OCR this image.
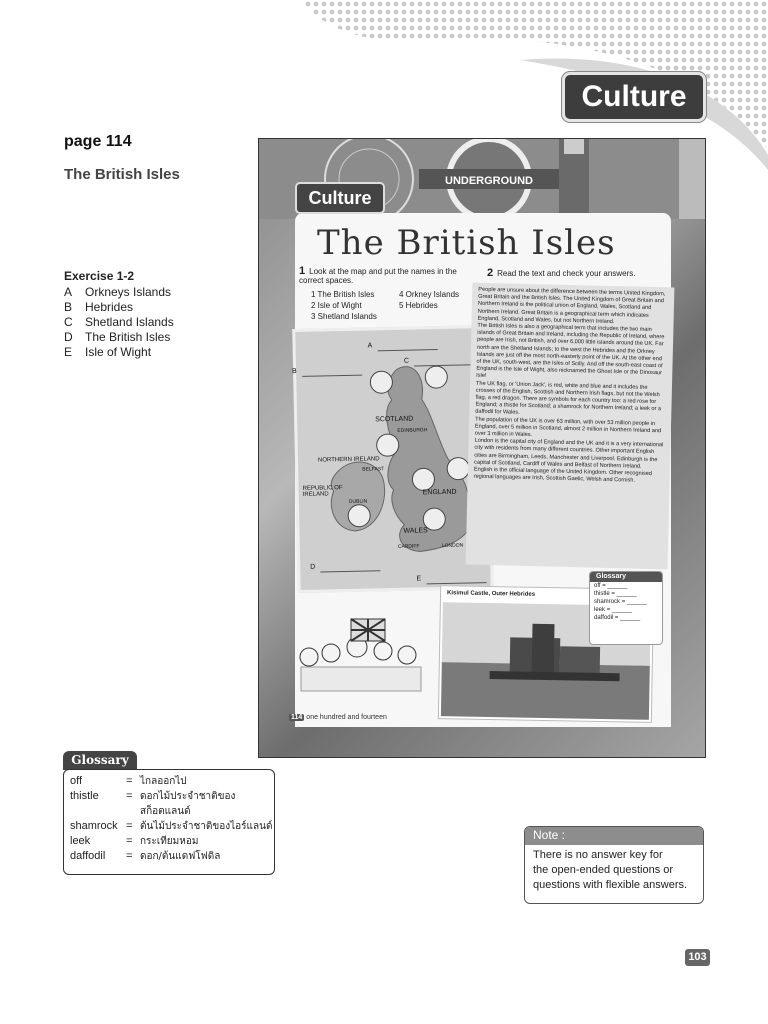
Culture
page 114
The British Isles
Exercise 1-2
A	Orkneys Islands
B	Hebrides
C	Shetland Islands
D	The British Isles
E	Isle of Wight
UNDERGROUND
Culture
The British Isles
1 Look at the map and put the names in the correct spaces.
1 The British Isles	4 Orkney Islands
2 Isle of Wight	5 Hebrides
3 Shetland Islands
2 Read the text and check your answers.
A
B
C
D
E
SCOTLAND
EDINBURGH
NORTHERN IRELAND
BELFAST
REPUBLIC OF IRELAND
DUBLIN
ENGLAND
WALES
CARDIFF	LONDON

People are unsure about the difference between the terms United Kingdom, Great Britain and the British Isles. The United Kingdom of Great Britain and Northern Ireland is the political union of England, Wales, Scotland and Northern Ireland. Great Britain is a geographical term which indicates England, Scotland and Wales, but not Northern Ireland.

The British Isles is also a geographical term that includes the two main islands of Great Britain and Ireland, including the Republic of Ireland, where people are Irish, not British, and over 6,000 little islands around the UK. Far north are the Shetland Islands; to the west the Hebrides and the Orkney Islands are just off the most north-easterly point of the UK. At the other end of the UK, south-west, are the Isles of Scilly. And off the south-east coast of England is the Isle of Wight, also nicknamed the Ghost Isle or the Dinosaur Isle!

The UK flag, or 'Union Jack', is red, white and blue and it includes the crosses of the English, Scottish and Northern Irish flags, but not the Welsh flag, a red dragon. There are symbols for each country too: a red rose for England; a thistle for Scotland; a shamrock for Northern Ireland; a leek or a daffodil for Wales.

The population of the UK is over 63 million, with over 53 million people in England, over 5 million in Scotland, almost 2 million in Northern Ireland and over 3 million in Wales.

London is the capital city of England and the UK and it is a very international city with residents from many different countries. Other important English cities are Birmingham, Leeds, Manchester and Liverpool. Edinburgh is the capital of Scotland, Cardiff of Wales and Belfast of Northern Ireland.

English is the official language of the United Kingdom. Other recognised regional languages are Irish, Scottish Gaelic, Welsh and Cornish.

Kisimul Castle, Outer Hebrides
Glossary
off = ______
thistle = ______
shamrock = ______
leek = ______
daffodil = ______
114 one hundred and fourteen
Glossary
off	= ไกลออกไป
thistle	= ดอกไม้ประจำชาติของ
สก็อตแลนด์
shamrock = ต้นไม้ประจำชาติของไอร์แลนด์
leek	= กระเทียมหอม
daffodil	= ดอก/ต้นแดฟโฟดิล
Note :
There is no answer key for
the open-ended questions or
questions with flexible answers.
103
